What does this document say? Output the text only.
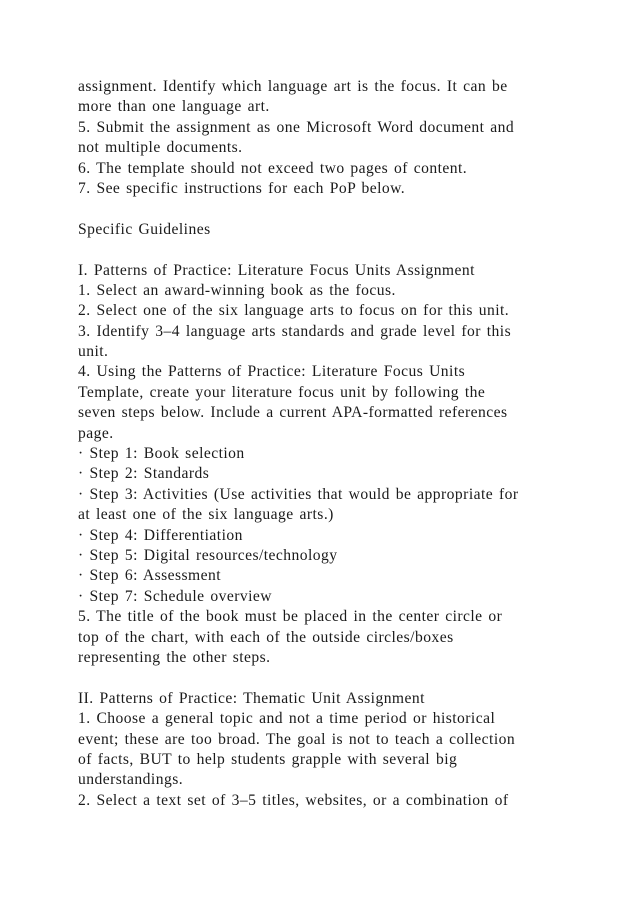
assignment. Identify which language art is the focus. It can be
more than one language art.
5. Submit the assignment as one Microsoft Word document and
not multiple documents.
6. The template should not exceed two pages of content.
7. See specific instructions for each PoP below.
Specific Guidelines
I. Patterns of Practice: Literature Focus Units Assignment
1. Select an award-winning book as the focus.
2. Select one of the six language arts to focus on for this unit.
3. Identify 3–4 language arts standards and grade level for this
unit.
4. Using the Patterns of Practice: Literature Focus Units
Template, create your literature focus unit by following the
seven steps below. Include a current APA-formatted references
page.
· Step 1: Book selection
· Step 2: Standards
· Step 3: Activities (Use activities that would be appropriate for
at least one of the six language arts.)
· Step 4: Differentiation
· Step 5: Digital resources/technology
· Step 6: Assessment
· Step 7: Schedule overview
5. The title of the book must be placed in the center circle or
top of the chart, with each of the outside circles/boxes
representing the other steps.
II. Patterns of Practice: Thematic Unit Assignment
1. Choose a general topic and not a time period or historical
event; these are too broad. The goal is not to teach a collection
of facts, BUT to help students grapple with several big
understandings.
2. Select a text set of 3–5 titles, websites, or a combination of
